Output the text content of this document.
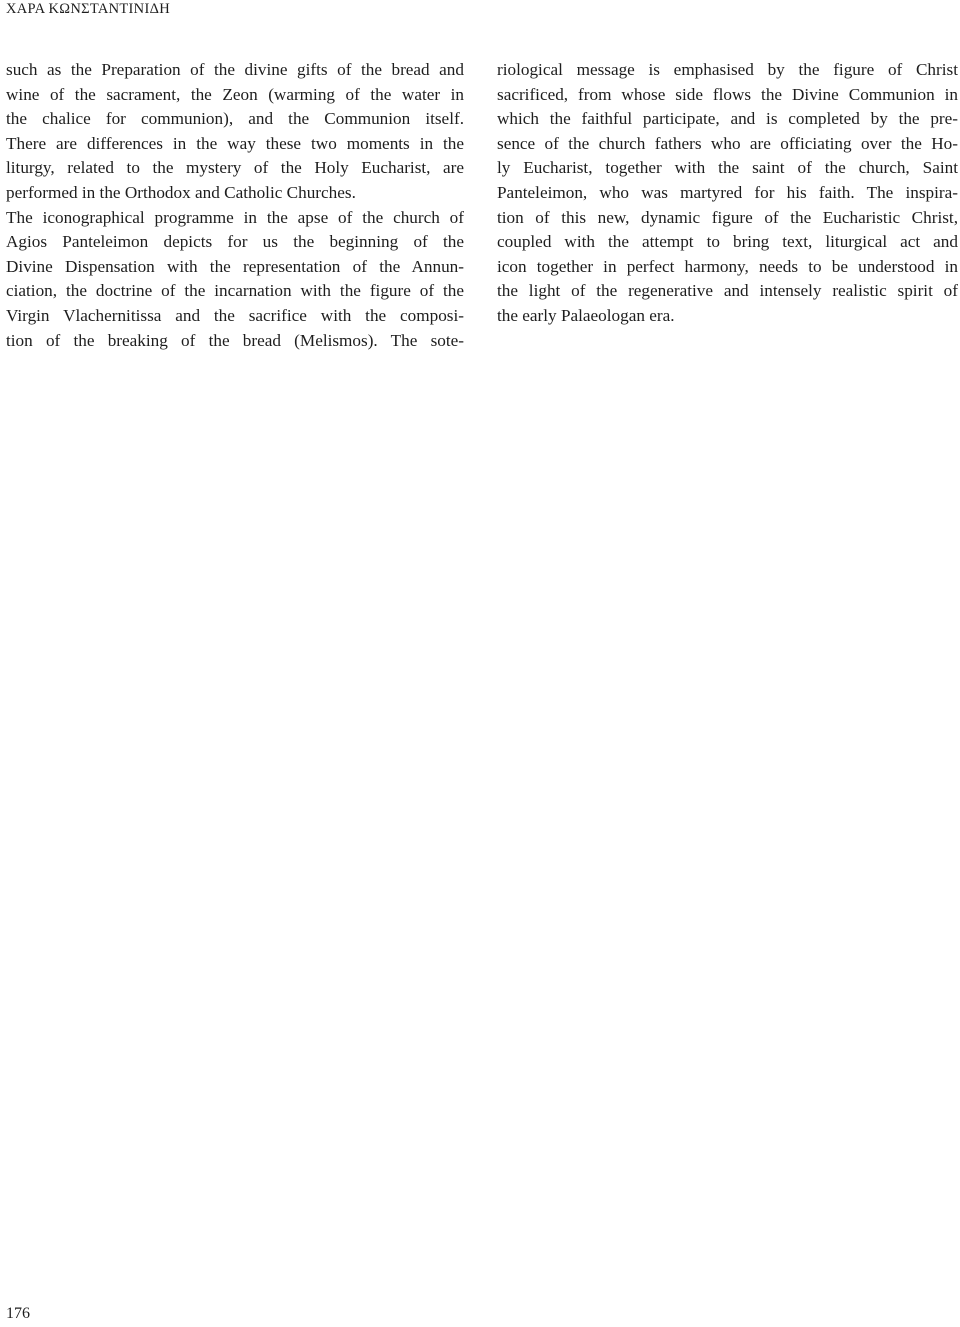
ΧΑΡΑ ΚΩΝΣΤΑΝΤΙΝΙΔΗ
such as the Preparation of the divine gifts of the bread and
wine of the sacrament, the Zeon (warming of the water in
the chalice for communion), and the Communion itself.
There are differences in the way these two moments in the
liturgy, related to the mystery of the Holy Eucharist, are
performed in the Orthodox and Catholic Churches.
The iconographical programme in the apse of the church of
Agios Panteleimon depicts for us the beginning of the
Divine Dispensation with the representation of the Annun-
ciation, the doctrine of the incarnation with the figure of the
Virgin Vlachernitissa and the sacrifice with the composi-
tion of the breaking of the bread (Melismos). The sote-
riological message is emphasised by the figure of Christ
sacrificed, from whose side flows the Divine Communion in
which the faithful participate, and is completed by the pre-
sence of the church fathers who are officiating over the Ho-
ly Eucharist, together with the saint of the church, Saint
Panteleimon, who was martyred for his faith. The inspira-
tion of this new, dynamic figure of the Eucharistic Christ,
coupled with the attempt to bring text, liturgical act and
icon together in perfect harmony, needs to be understood in
the light of the regenerative and intensely realistic spirit of
the early Palaeologan era.
176
